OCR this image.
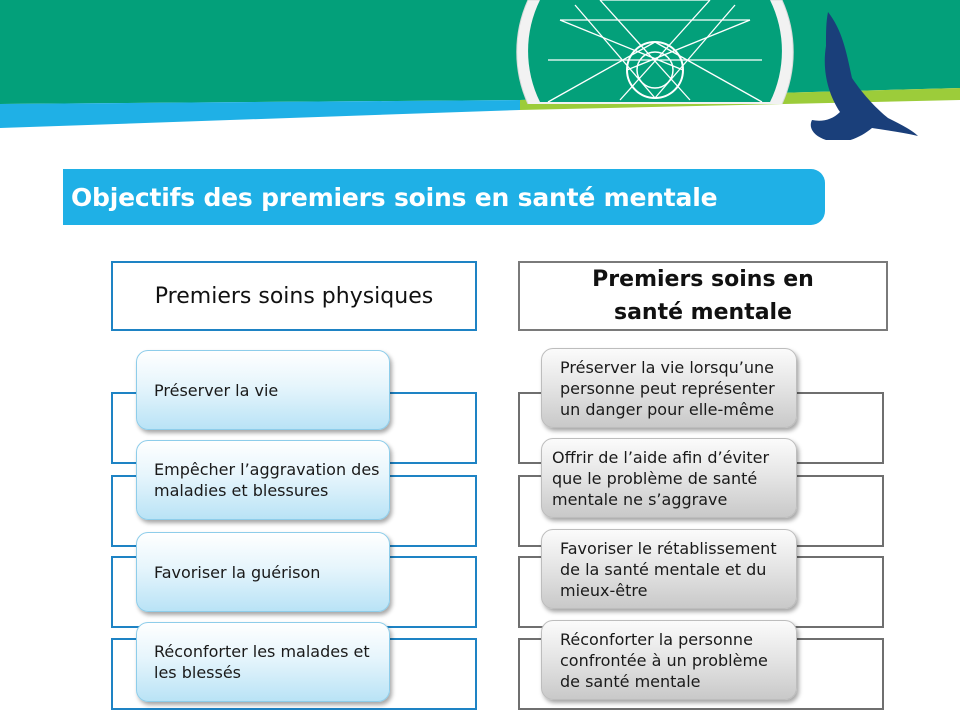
Objectifs des premiers soins en santé mentale
Premiers soins physiques
Premiers soins en santé mentale
Préserver la vie
Empêcher l’aggravation des maladies et blessures
Favoriser la guérison
Réconforter les malades et les blessés
Préserver la vie lorsqu’une personne peut représenter un danger pour elle-même
Offrir de l’aide afin d’éviter que le problème de santé mentale ne s’aggrave
Favoriser le rétablissement de la santé mentale et du mieux-être
Réconforter la personne confrontée à un problème de santé mentale
